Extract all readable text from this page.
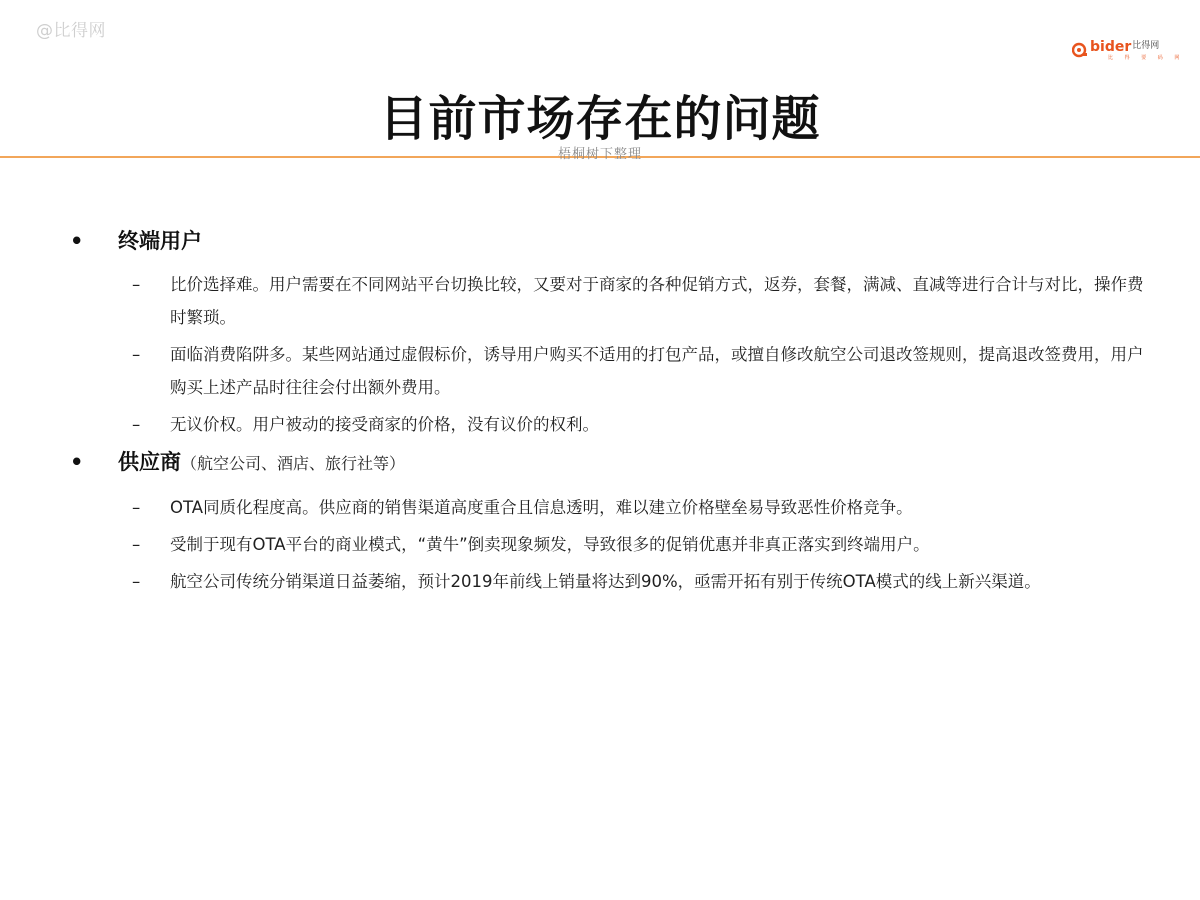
@比得网
bider$^{比得网}$
比 得 要 码 网
目前市场存在的问题
梧桐树下整理
• 终端用户
– 比价选择难。用户需要在不同网站平台切换比较，又要对于商家的各种促销方式，返券，套餐，满减、直减等进行合计与对比，操作费时繁琐。
– 面临消费陷阱多。某些网站通过虚假标价，诱导用户购买不适用的打包产品，或擅自修改航空公司退改签规则，提高退改签费用，用户购买上述产品时往往会付出额外费用。
– 无议价权。用户被动的接受商家的价格，没有议价的权利。
• 供应商（航空公司、酒店、旅行社等）
– OTA同质化程度高。供应商的销售渠道高度重合且信息透明，难以建立价格壁垒易导致恶性价格竞争。
– 受制于现有OTA平台的商业模式，“黄牛”倒卖现象频发，导致很多的促销优惠并非真正落实到终端用户。
– 航空公司传统分销渠道日益萎缩，预计2019年前线上销量将达到90%，亟需开拓有别于传统OTA模式的线上新兴渠道。
